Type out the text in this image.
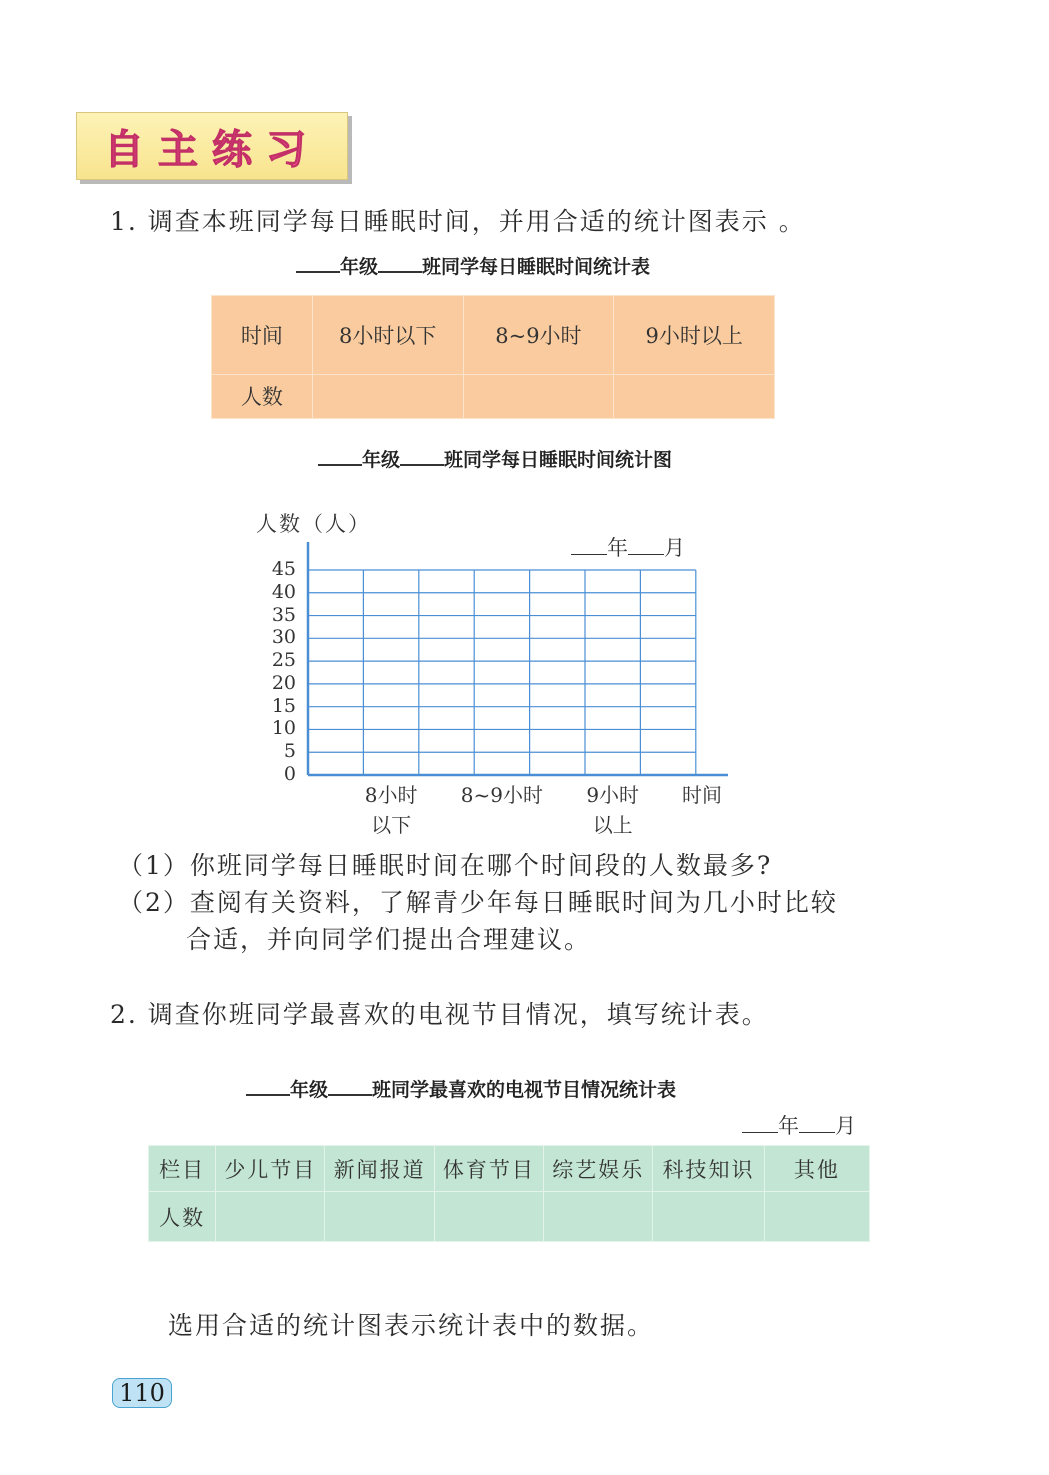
自主练习
1. 调查本班同学每日睡眠时间，并用合适的统计图表示 。
年级 班同学每日睡眠时间统计表
时间	8小时以下	8~9小时	9小时以上
人数			
年级 班同学每日睡眠时间统计图
人数（人）
年 月
45
40
35
30
25
20
15
10
5
0
8小时
以下
8~9小时	9小时
以上
时间
（1）你班同学每日睡眠时间在哪个时间段的人数最多?
（2）查阅有关资料，了解青少年每日睡眠时间为几小时比较
合适，并向同学们提出合理建议。
2. 调查你班同学最喜欢的电视节目情况，填写统计表。
年级 班同学最喜欢的电视节目情况统计表
年 月
栏目	少儿节目	新闻报道	体育节目	综艺娱乐	科技知识	其他
人数						
选用合适的统计图表示统计表中的数据。
110
